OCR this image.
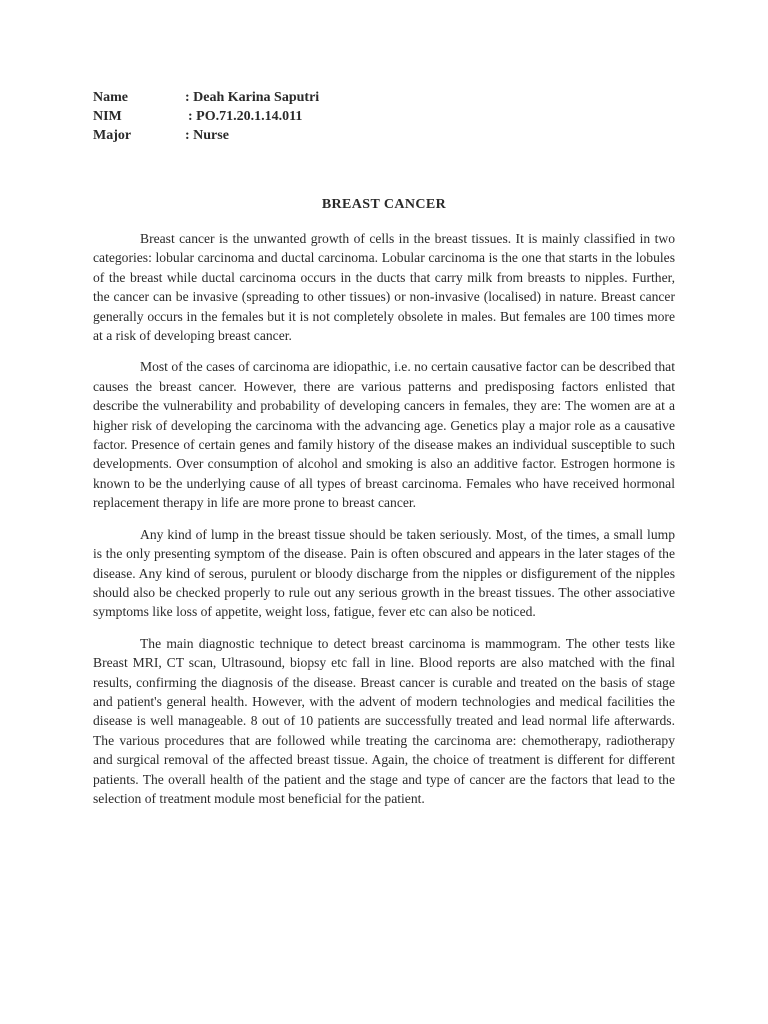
Name	: Deah Karina Saputri
NIM	: PO.71.20.1.14.011
Major	: Nurse
BREAST CANCER

Breast cancer is the unwanted growth of cells in the breast tissues. It is mainly classified in two categories: lobular carcinoma and ductal carcinoma. Lobular carcinoma is the one that starts in the lobules of the breast while ductal carcinoma occurs in the ducts that carry milk from breasts to nipples. Further, the cancer can be invasive (spreading to other tissues) or non-invasive (localised) in nature. Breast cancer generally occurs in the females but it is not completely obsolete in males. But females are 100 times more at a risk of developing breast cancer.

Most of the cases of carcinoma are idiopathic, i.e. no certain causative factor can be described that causes the breast cancer. However, there are various patterns and predisposing factors enlisted that describe the vulnerability and probability of developing cancers in females, they are: The women are at a higher risk of developing the carcinoma with the advancing age. Genetics play a major role as a causative factor. Presence of certain genes and family history of the disease makes an individual susceptible to such developments. Over consumption of alcohol and smoking is also an additive factor. Estrogen hormone is known to be the underlying cause of all types of breast carcinoma. Females who have received hormonal replacement therapy in life are more prone to breast cancer.

Any kind of lump in the breast tissue should be taken seriously. Most, of the times, a small lump is the only presenting symptom of the disease. Pain is often obscured and appears in the later stages of the disease. Any kind of serous, purulent or bloody discharge from the nipples or disfigurement of the nipples should also be checked properly to rule out any serious growth in the breast tissues. The other associative symptoms like loss of appetite, weight loss, fatigue, fever etc can also be noticed.

The main diagnostic technique to detect breast carcinoma is mammogram. The other tests like Breast MRI, CT scan, Ultrasound, biopsy etc fall in line. Blood reports are also matched with the final results, confirming the diagnosis of the disease. Breast cancer is curable and treated on the basis of stage and patient's general health. However, with the advent of modern technologies and medical facilities the disease is well manageable. 8 out of 10 patients are successfully treated and lead normal life afterwards. The various procedures that are followed while treating the carcinoma are: chemotherapy, radiotherapy and surgical removal of the affected breast tissue. Again, the choice of treatment is different for different patients. The overall health of the patient and the stage and type of cancer are the factors that lead to the selection of treatment module most beneficial for the patient.
